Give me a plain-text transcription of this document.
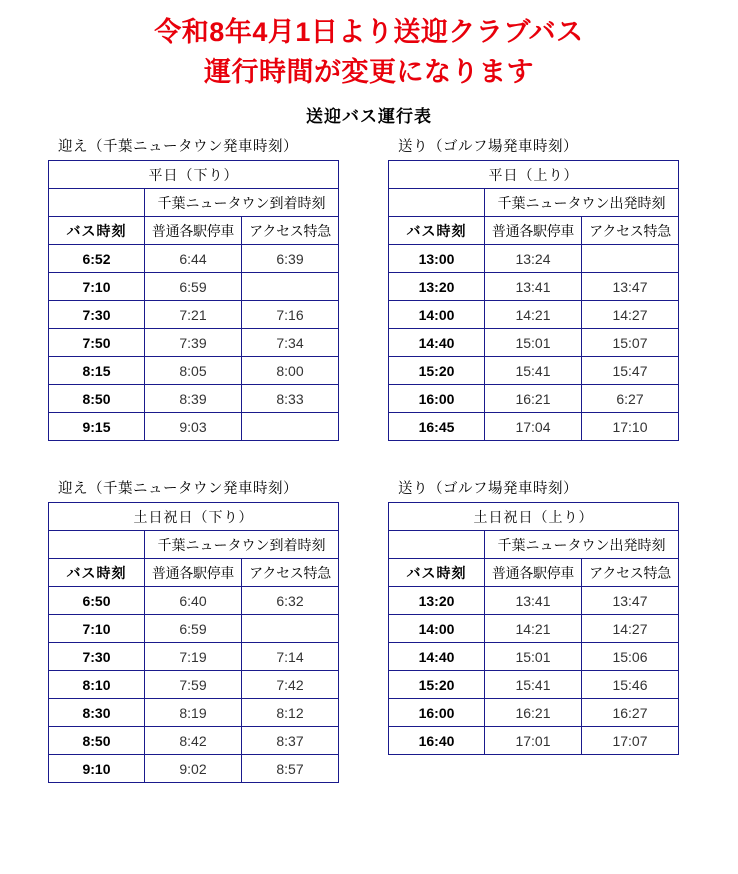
令和8年4月1日より送迎クラブバス
運行時間が変更になります
送迎バス運行表
迎え（千葉ニュータウン発車時刻）
平日（下り）		
	千葉ニュータウン到着時刻	
バス時刻	普通各駅停車	アクセス特急
6:52	6:44	6:39
7:10	6:59	
7:30	7:21	7:16
7:50	7:39	7:34
8:15	8:05	8:00
8:50	8:39	8:33
9:15	9:03	
送り（ゴルフ場発車時刻）
平日（上り）		
	千葉ニュータウン出発時刻	
バス時刻	普通各駅停車	アクセス特急
13:00	13:24	
13:20	13:41	13:47
14:00	14:21	14:27
14:40	15:01	15:07
15:20	15:41	15:47
16:00	16:21	6:27
16:45	17:04	17:10
迎え（千葉ニュータウン発車時刻）
土日祝日（下り）		
	千葉ニュータウン到着時刻	
バス時刻	普通各駅停車	アクセス特急
6:50	6:40	6:32
7:10	6:59	
7:30	7:19	7:14
8:10	7:59	7:42
8:30	8:19	8:12
8:50	8:42	8:37
9:10	9:02	8:57
送り（ゴルフ場発車時刻）
土日祝日（上り）		
	千葉ニュータウン出発時刻	
バス時刻	普通各駅停車	アクセス特急
13:20	13:41	13:47
14:00	14:21	14:27
14:40	15:01	15:06
15:20	15:41	15:46
16:00	16:21	16:27
16:40	17:01	17:07
